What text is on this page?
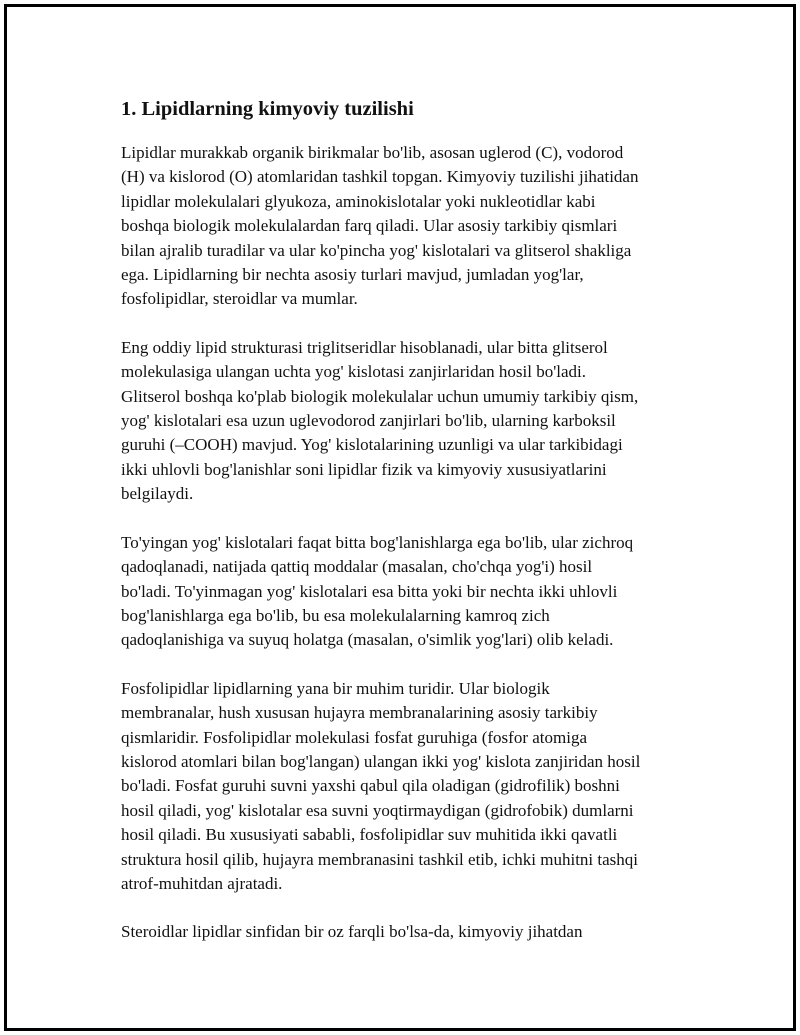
1. Lipidlarning kimyoviy tuzilishi
Lipidlar murakkab organik birikmalar bo'lib, asosan uglerod (C), vodorod
(H) va kislorod (O) atomlaridan tashkil topgan. Kimyoviy tuzilishi jihatidan
lipidlar molekulalari glyukoza, aminokislotalar yoki nukleotidlar kabi
boshqa biologik molekulalardan farq qiladi. Ular asosiy tarkibiy qismlari
bilan ajralib turadilar va ular ko'pincha yog' kislotalari va glitserol shakliga
ega. Lipidlarning bir nechta asosiy turlari mavjud, jumladan yog'lar,
fosfolipidlar, steroidlar va mumlar.
Eng oddiy lipid strukturasi triglitseridlar hisoblanadi, ular bitta glitserol
molekulasiga ulangan uchta yog' kislotasi zanjirlaridan hosil bo'ladi.
Glitserol boshqa ko'plab biologik molekulalar uchun umumiy tarkibiy qism,
yog' kislotalari esa uzun uglevodorod zanjirlari bo'lib, ularning karboksil
guruhi (–COOH) mavjud. Yog' kislotalarining uzunligi va ular tarkibidagi
ikki uhlovli bog'lanishlar soni lipidlar fizik va kimyoviy xususiyatlarini
belgilaydi.
To'yingan yog' kislotalari faqat bitta bog'lanishlarga ega bo'lib, ular zichroq
qadoqlanadi, natijada qattiq moddalar (masalan, cho'chqa yog'i) hosil
bo'ladi. To'yinmagan yog' kislotalari esa bitta yoki bir nechta ikki uhlovli
bog'lanishlarga ega bo'lib, bu esa molekulalarning kamroq zich
qadoqlanishiga va suyuq holatga (masalan, o'simlik yog'lari) olib keladi.
Fosfolipidlar lipidlarning yana bir muhim turidir. Ular biologik
membranalar, hush xususan hujayra membranalarining asosiy tarkibiy
qismlaridir. Fosfolipidlar molekulasi fosfat guruhiga (fosfor atomiga
kislorod atomlari bilan bog'langan) ulangan ikki yog' kislota zanjiridan hosil
bo'ladi. Fosfat guruhi suvni yaxshi qabul qila oladigan (gidrofilik) boshni
hosil qiladi, yog' kislotalar esa suvni yoqtirmaydigan (gidrofobik) dumlarni
hosil qiladi. Bu xususiyati sababli, fosfolipidlar suv muhitida ikki qavatli
struktura hosil qilib, hujayra membranasini tashkil etib, ichki muhitni tashqi
atrof-muhitdan ajratadi.
Steroidlar lipidlar sinfidan bir oz farqli bo'lsa-da, kimyoviy jihatdan
